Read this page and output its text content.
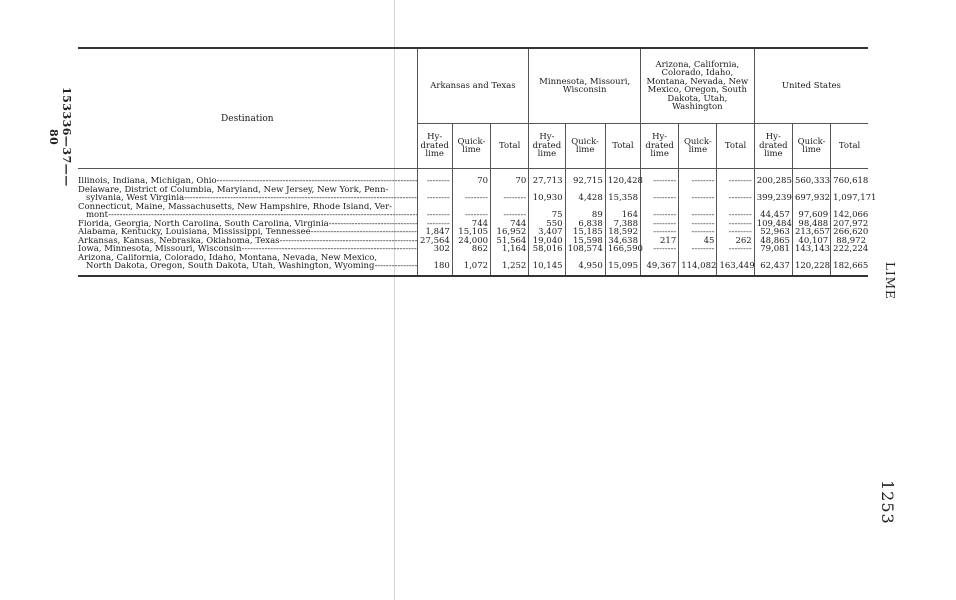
153336—37——80
LIME
1253
Destination	Arkansas and Texas			Minnesota, Missouri, Wisconsin			Arizona, California, Colorado, Idaho, Montana, Nevada, New Mexico, Oregon, South Dakota, Utah, Washington			United States		
	Hy- drated lime	Quick- lime	Total	Hy- drated lime	Quick- lime	Total	Hy- drated lime	Quick- lime	Total	Hy- drated lime	Quick- lime	Total

Illinois, Indiana, Michigan, Ohio -----
	--------	70	70	27,713	92,715	120,428	--------	--------	--------	200,285	560,333	760,618

Delaware, District of Columbia, Maryland, New Jersey, New York, Penn-
sylvania, West Virginia -----
	--------	--------	--------	10,930	4,428	15,358	--------	--------	--------	399,239	697,932	1,097,171

Connecticut, Maine, Massachusetts, New Hampshire, Rhode Island, Ver-
mont -----
	--------	--------	--------	75	89	164	--------	--------	--------	44,457	97,609	142,066

Florida, Georgia, North Carolina, South Carolina, Virginia -----
	--------	744	744	550	6,838	7,388	--------	--------	--------	109,484	98,488	207,972

Alabama, Kentucky, Louisiana, Mississippi, Tennessee -----	1,847	15,105	16,952	3,407	15,185	18,592	--------	--------	--------	52,963	213,657	266,620

Arkansas, Kansas, Nebraska, Oklahoma, Texas -----	27,564	24,000	51,564	19,040	15,598	34,638	217	45	262	48,865	40,107	88,972

Iowa, Minnesota, Missouri, Wisconsin -----	302	862	1,164	58,016	108,574	166,590	--------	--------	--------	79,081	143,143	222,224

Arizona, California, Colorado, Idaho, Montana, Nevada, New Mexico,
North Dakota, Oregon, South Dakota, Utah, Washington, Wyoming -----	180	1,072	1,252	10,145	4,950	15,095	49,367	114,082	163,449	62,437	120,228	182,665
